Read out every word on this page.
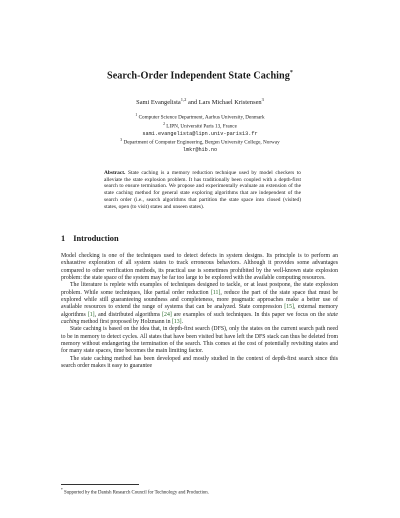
Search-Order Independent State Caching*
Sami Evangelista$^{1,2}$ and Lars Michael Kristensen$^3$
$^1$ Computer Science Department, Aarhus University, Denmark
$^2$ LIPN, Université Paris 13, France
sami.evangelista@lipn.univ-paris13.fr
$^3$ Department of Computer Engineering, Bergen University College, Norway
lmkr@hib.no
Abstract. State caching is a memory reduction technique used by model checkers to alleviate the state explosion problem. It has traditionally been coupled with a depth-first search to ensure termination. We propose and experimentally evaluate an extension of the state caching method for general state exploring algorithms that are independent of the search order (i.e., search algorithms that partition the state space into closed (visited) states, open (to visit) states and unseen states).
1 Introduction

Model checking is one of the techniques used to detect defects in system designs. Its principle is to perform an exhaustive exploration of all system states to track erroneous behaviors. Although it provides some advantages compared to other verification methods, its practical use is sometimes prohibited by the well-known state explosion problem: the state space of the system may be far too large to be explored with the available computing resources.

The literature is replete with examples of techniques designed to tackle, or at least postpone, the state explosion problem. While some techniques, like partial order reduction [11], reduce the part of the state space that must be explored while still guaranteeing soundness and completeness, more pragmatic approaches make a better use of available resources to extend the range of systems that can be analyzed. State compression [15], external memory algorithms [1], and distributed algorithms [24] are examples of such techniques. In this paper we focus on the state caching method first proposed by Holzmann in [13].

State caching is based on the idea that, in depth-first search (DFS), only the states on the current search path need to be in memory to detect cycles. All states that have been visited but have left the DFS stack can thus be deleted from memory without endangering the termination of the search. This comes at the cost of potentially revisiting states and for many state spaces, time becomes the main limiting factor.

The state caching method has been developed and mostly studied in the context of depth-first search since this search order makes it easy to guarantee

* Supported by the Danish Research Council for Technology and Production.
